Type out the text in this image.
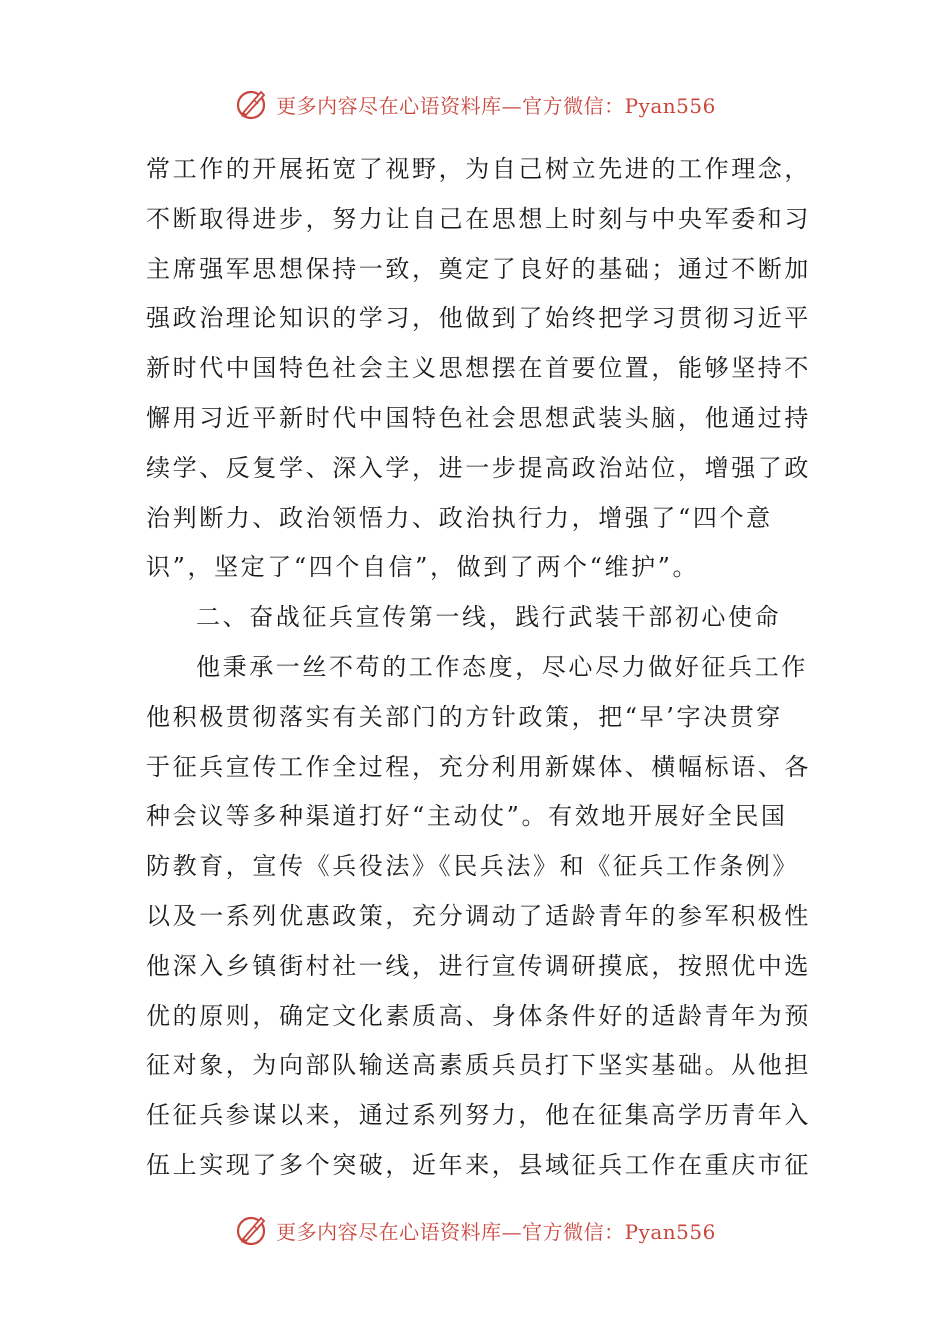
更多内容尽在心语资料库—官方微信：Pyan556
常工作的开展拓宽了视野，为自己树立先进的工作理念，
不断取得进步，努力让自己在思想上时刻与中央军委和习
主席强军思想保持一致，奠定了良好的基础；通过不断加
强政治理论知识的学习，他做到了始终把学习贯彻习近平
新时代中国特色社会主义思想摆在首要位置，能够坚持不
懈用习近平新时代中国特色社会思想武装头脑，他通过持
续学、反复学、深入学，进一步提高政治站位，增强了政
治判断力、政治领悟力、政治执行力，增强了“四个意
识”，坚定了“四个自信”，做到了两个“维护”。
二、奋战征兵宣传第一线，践行武装干部初心使命
他秉承一丝不苟的工作态度，尽心尽力做好征兵工作
他积极贯彻落实有关部门的方针政策，把“早’字决贯穿
于征兵宣传工作全过程，充分利用新媒体、横幅标语、各
种会议等多种渠道打好“主动仗”。有效地开展好全民国
防教育，宣传《兵役法》《民兵法》和《征兵工作条例》
以及一系列优惠政策，充分调动了适龄青年的参军积极性
他深入乡镇街村社一线，进行宣传调研摸底，按照优中选
优的原则，确定文化素质高、身体条件好的适龄青年为预
征对象，为向部队输送高素质兵员打下坚实基础。从他担
任征兵参谋以来，通过系列努力，他在征集高学历青年入
伍上实现了多个突破，近年来，县域征兵工作在重庆市征
更多内容尽在心语资料库—官方微信：Pyan556
